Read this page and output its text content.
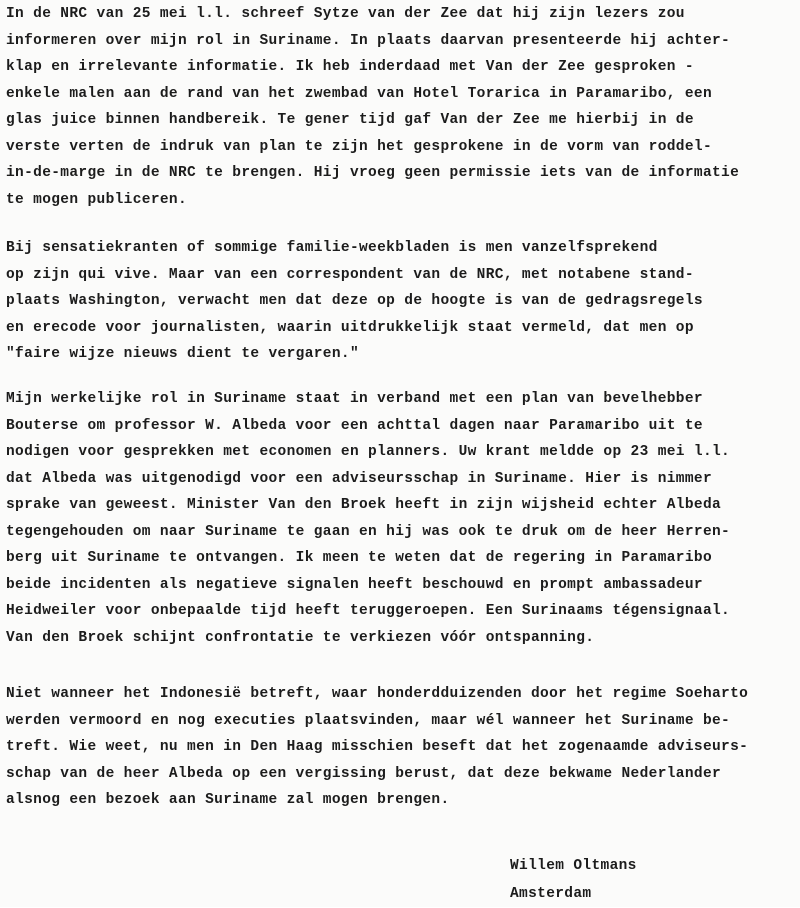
In de NRC van 25 mei l.l. schreef Sytze van der Zee dat hij zijn lezers zou
informeren over mijn rol in Suriname. In plaats daarvan presenteerde hij achter-
klap en irrelevante informatie. Ik heb inderdaad met Van der Zee gesproken -
enkele malen aan de rand van het zwembad van Hotel Torarica in Paramaribo, een
glas juice binnen handbereik. Te gener tijd gaf Van der Zee me hierbij in de
verste verten de indruk van plan te zijn het gesprokene in de vorm van roddel-
in-de-marge in de NRC te brengen. Hij vroeg geen permissie iets van de informatie
te mogen publiceren.
Bij sensatiekranten of sommige familie-weekbladen is men vanzelfsprekend
op zijn qui vive. Maar van een correspondent van de NRC, met notabene stand-
plaats Washington, verwacht men dat deze op de hoogte is van de gedragsregels
en erecode voor journalisten, waarin uitdrukkelijk staat vermeld, dat men op
"faire wijze nieuws dient te vergaren."
Mijn werkelijke rol in Suriname staat in verband met een plan van bevelhebber
Bouterse om professor W. Albeda voor een achttal dagen naar Paramaribo uit te
nodigen voor gesprekken met economen en planners. Uw krant meldde op 23 mei l.l.
dat Albeda was uitgenodigd voor een adviseursschap in Suriname. Hier is nimmer
sprake van geweest. Minister Van den Broek heeft in zijn wijsheid echter Albeda
tegengehouden om naar Suriname te gaan en hij was ook te druk om de heer Herren-
berg uit Suriname te ontvangen. Ik meen te weten dat de regering in Paramaribo
beide incidenten als negatieve signalen heeft beschouwd en prompt ambassadeur
Heidweiler voor onbepaalde tijd heeft teruggeroepen. Een Surinaams tégensignaal.
Van den Broek schijnt confrontatie te verkiezen vóór ontspanning.
Niet wanneer het Indonesië betreft, waar honderdduizenden door het regime Soeharto
werden vermoord en nog executies plaatsvinden, maar wél wanneer het Suriname be-
treft. Wie weet, nu men in Den Haag misschien beseft dat het zogenaamde adviseurs-
schap van de heer Albeda op een vergissing berust, dat deze bekwame Nederlander
alsnog een bezoek aan Suriname zal mogen brengen.
Willem Oltmans
Amsterdam
